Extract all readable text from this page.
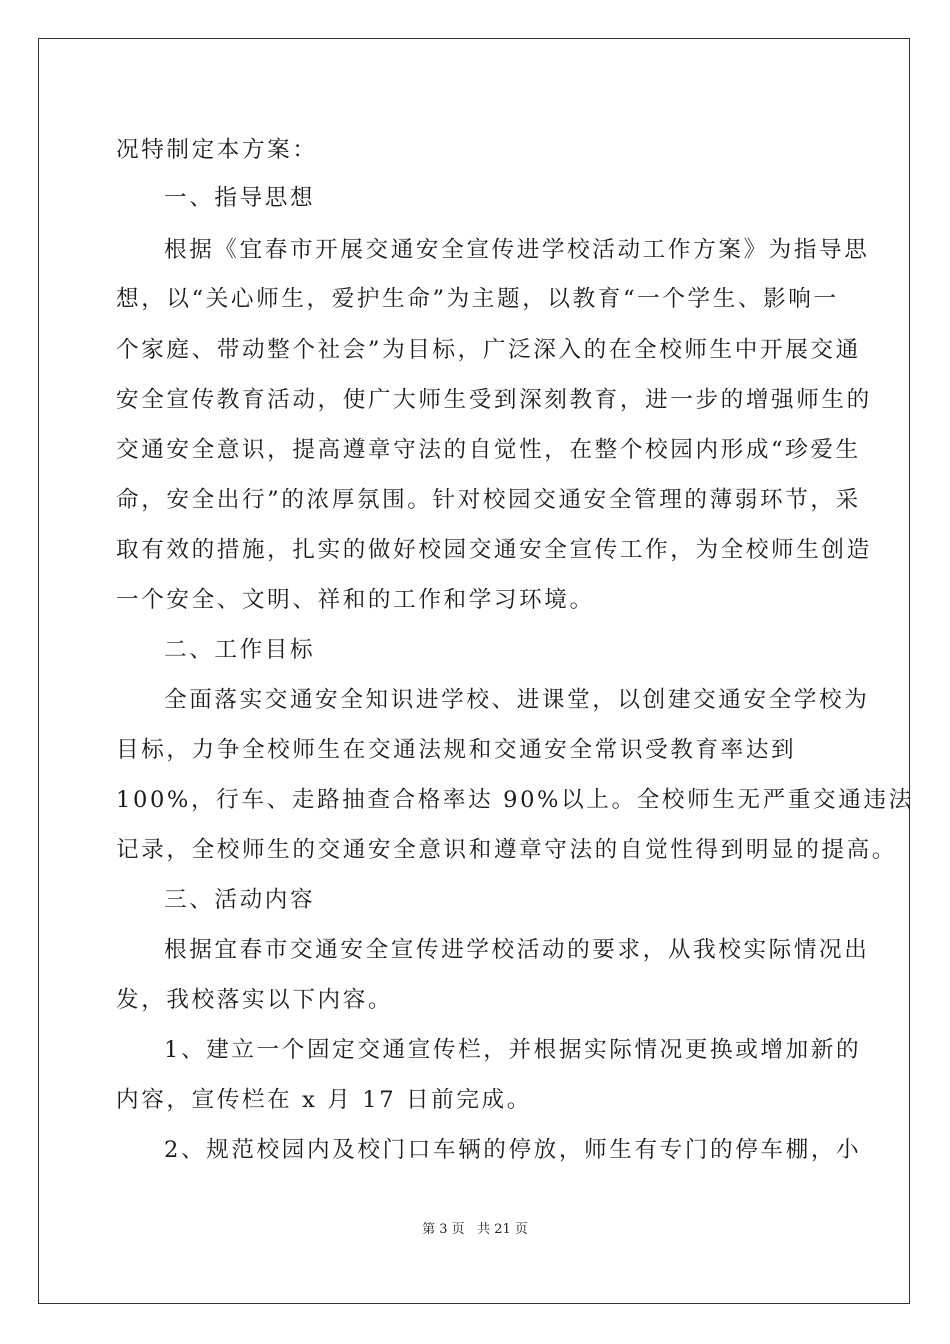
况特制定本方案：
一、指导思想
根据《宜春市开展交通安全宣传进学校活动工作方案》为指导思
想，以“关心师生，爱护生命”为主题，以教育“一个学生、影响一
个家庭、带动整个社会”为目标，广泛深入的在全校师生中开展交通
安全宣传教育活动，使广大师生受到深刻教育，进一步的增强师生的
交通安全意识，提高遵章守法的自觉性，在整个校园内形成“珍爱生
命，安全出行”的浓厚氛围。针对校园交通安全管理的薄弱环节，采
取有效的措施，扎实的做好校园交通安全宣传工作，为全校师生创造
一个安全、文明、祥和的工作和学习环境。
二、工作目标
全面落实交通安全知识进学校、进课堂，以创建交通安全学校为
目标，力争全校师生在交通法规和交通安全常识受教育率达到
100%，行车、走路抽查合格率达 90%以上。全校师生无严重交通违法
记录，全校师生的交通安全意识和遵章守法的自觉性得到明显的提高。
三、活动内容
根据宜春市交通安全宣传进学校活动的要求，从我校实际情况出
发，我校落实以下内容。
1、建立一个固定交通宣传栏，并根据实际情况更换或增加新的
内容，宣传栏在 x 月 17 日前完成。
2、规范校园内及校门口车辆的停放，师生有专门的停车棚，小
第 3 页 共 21 页
